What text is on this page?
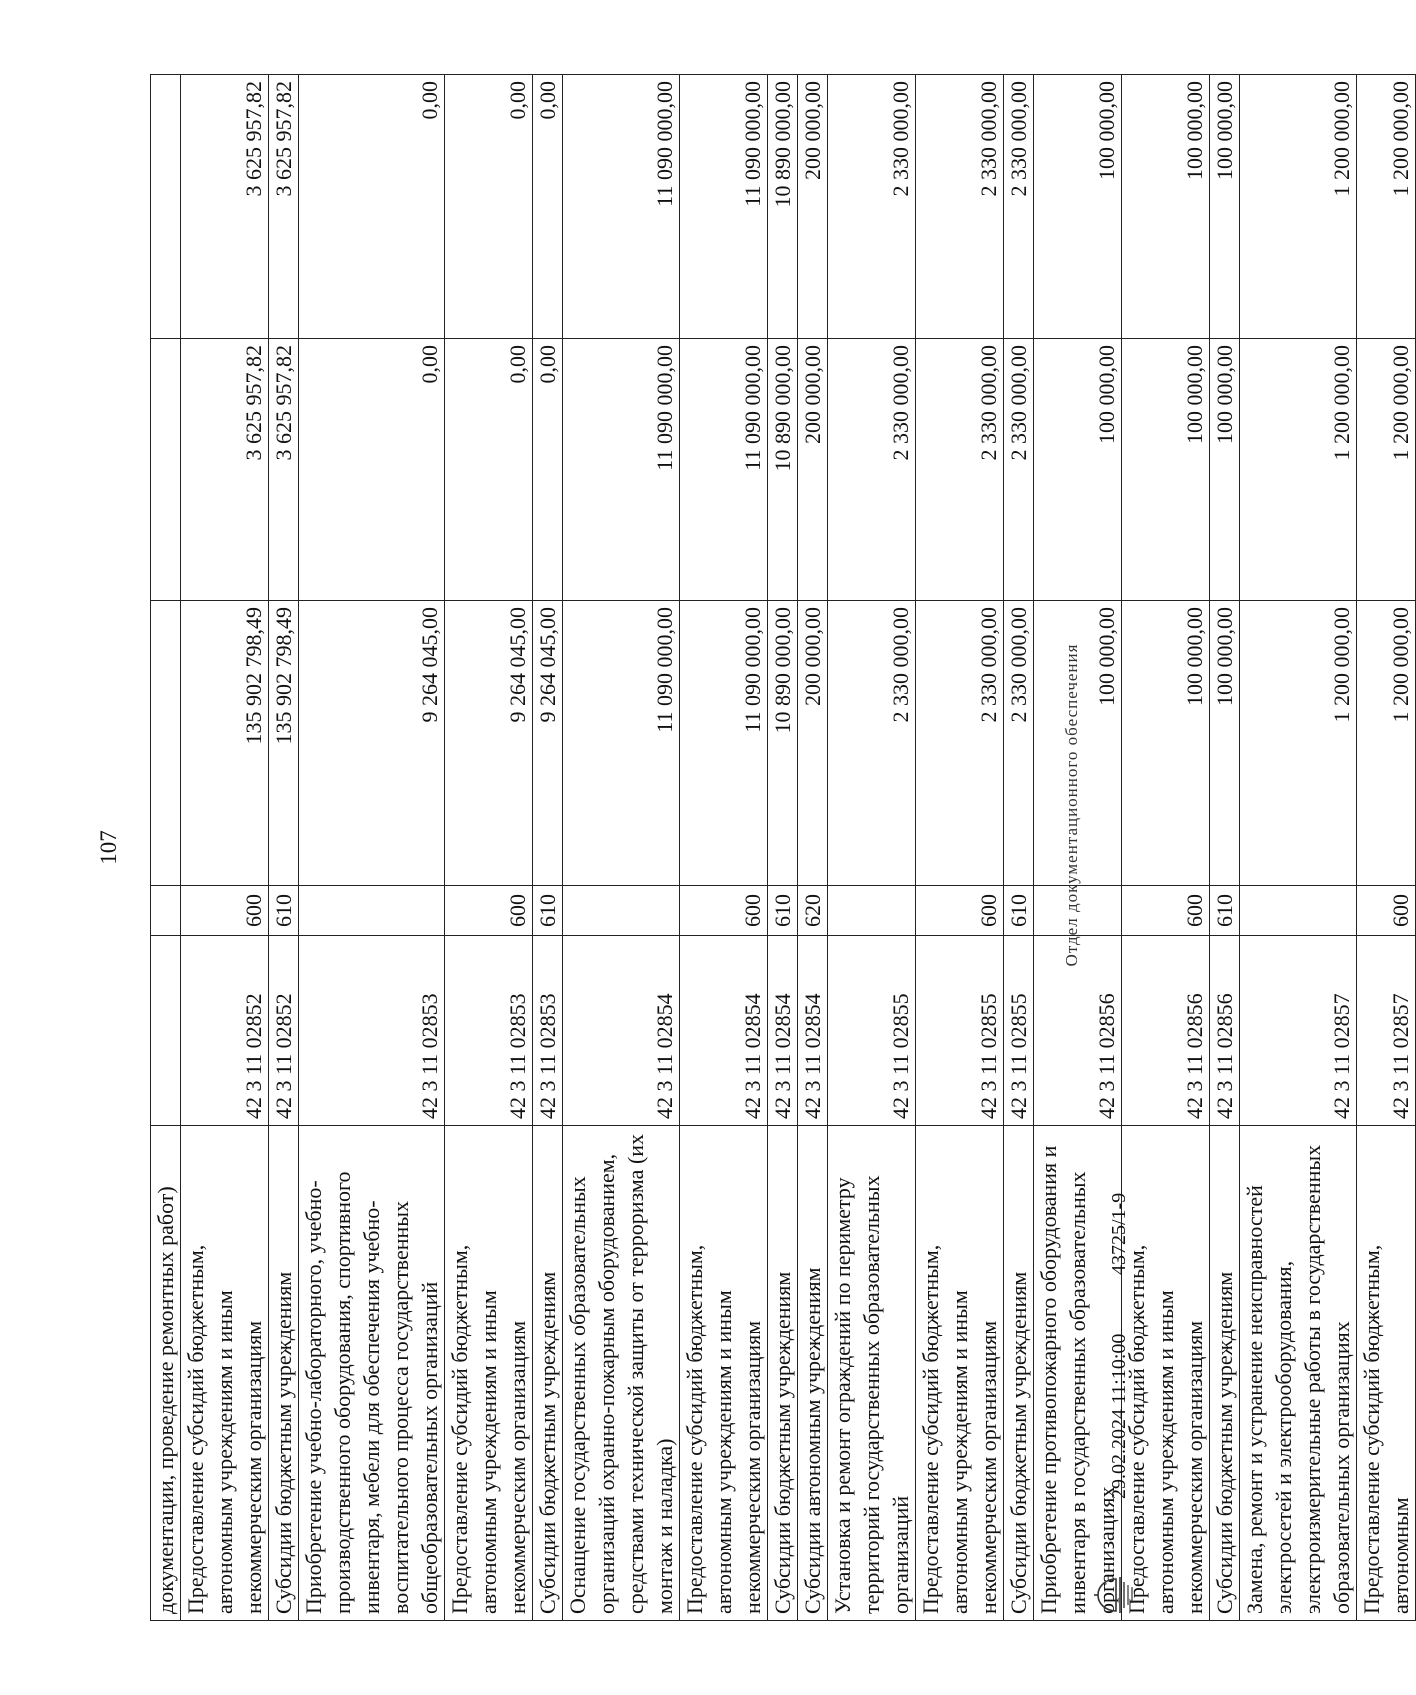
107
документации, проведение ремонтных работ)					
Предоставление субсидий бюджетным, автономным учреждениям и иным некоммерческим организациям	42 3 11 02852	600	135 902 798,49	3 625 957,82	3 625 957,82
Субсидии бюджетным учреждениям	42 3 11 02852	610	135 902 798,49	3 625 957,82	3 625 957,82
Приобретение учебно-лабораторного, учебно-производственного оборудования, спортивного инвентаря, мебели для обеспечения учебно-воспитательного процесса государственных общеобразовательных организаций	42 3 11 02853		9 264 045,00	0,00	0,00
Предоставление субсидий бюджетным, автономным учреждениям и иным некоммерческим организациям	42 3 11 02853	600	9 264 045,00	0,00	0,00
Субсидии бюджетным учреждениям	42 3 11 02853	610	9 264 045,00	0,00	0,00
Оснащение государственных образовательных организаций охранно-пожарным оборудованием, средствами технической защиты от терроризма (их монтаж и наладка)	42 3 11 02854		11 090 000,00	11 090 000,00	11 090 000,00
Предоставление субсидий бюджетным, автономным учреждениям и иным некоммерческим организациям	42 3 11 02854	600	11 090 000,00	11 090 000,00	11 090 000,00
Субсидии бюджетным учреждениям	42 3 11 02854	610	10 890 000,00	10 890 000,00	10 890 000,00
Субсидии автономным учреждениям	42 3 11 02854	620	200 000,00	200 000,00	200 000,00
Установка и ремонт ограждений по периметру территорий государственных образовательных организаций	42 3 11 02855		2 330 000,00	2 330 000,00	2 330 000,00
Предоставление субсидий бюджетным, автономным учреждениям и иным некоммерческим организациям	42 3 11 02855	600	2 330 000,00	2 330 000,00	2 330 000,00
Субсидии бюджетным учреждениям	42 3 11 02855	610	2 330 000,00	2 330 000,00	2 330 000,00
Приобретение противопожарного оборудования и инвентаря в государственных образовательных организациях	42 3 11 02856		100 000,00	100 000,00	100 000,00
Предоставление субсидий бюджетным, автономным учреждениям и иным некоммерческим организациям	42 3 11 02856	600	100 000,00	100 000,00	100 000,00
Субсидии бюджетным учреждениям	42 3 11 02856	610	100 000,00	100 000,00	100 000,00
Замена, ремонт и устранение неисправностей электросетей и электрооборудования, электроизмерительные работы в государственных образовательных организациях	42 3 11 02857		1 200 000,00	1 200 000,00	1 200 000,00
Предоставление субсидий бюджетным, автономным	42 3 11 02857	600	1 200 000,00	1 200 000,00	1 200 000,00
29.02.2024 11:10:00
43725/1-9
Отдел документационного обеспечения
